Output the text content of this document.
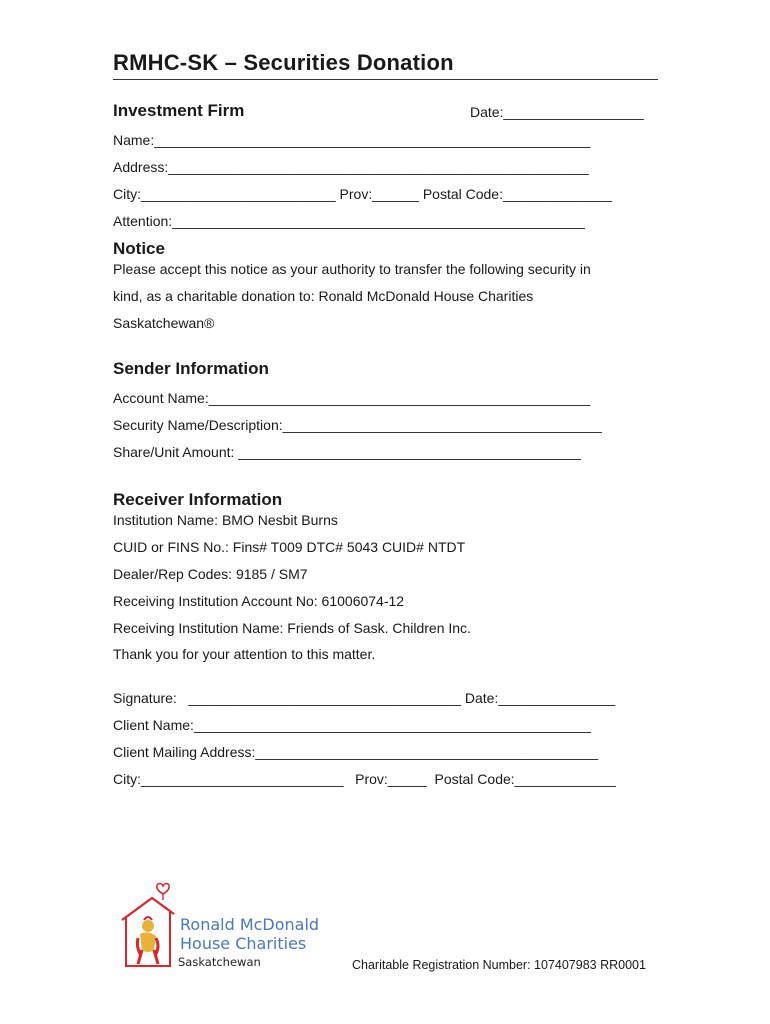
RMHC-SK – Securities Donation
Investment Firm	Date:__________________
Name:________________________________________________________
Address:______________________________________________________
City:_________________________ Prov:______ Postal Code:______________
Attention:_____________________________________________________
Notice
Please accept this notice as your authority to transfer the following security in
kind, as a charitable donation to: Ronald McDonald House Charities
Saskatchewan®
Sender Information
Account Name:_________________________________________________
Security Name/Description:_________________________________________
Share/Unit Amount: ____________________________________________
Receiver Information
Institution Name: BMO Nesbit Burns
CUID or FINS No.: Fins# T009 DTC# 5043 CUID# NTDT
Dealer/Rep Codes: 9185 / SM7
Receiving Institution Account No: 61006074-12
Receiving Institution Name: Friends of Sask. Children Inc.
Thank you for your attention to this matter.
Signature:   ___________________________________ Date:_______________
Client Name:___________________________________________________
Client Mailing Address:____________________________________________
City:__________________________   Prov:_____  Postal Code:_____________
Ronald McDonald
House Charities
Saskatchewan	Charitable Registration Number: 107407983 RR0001
